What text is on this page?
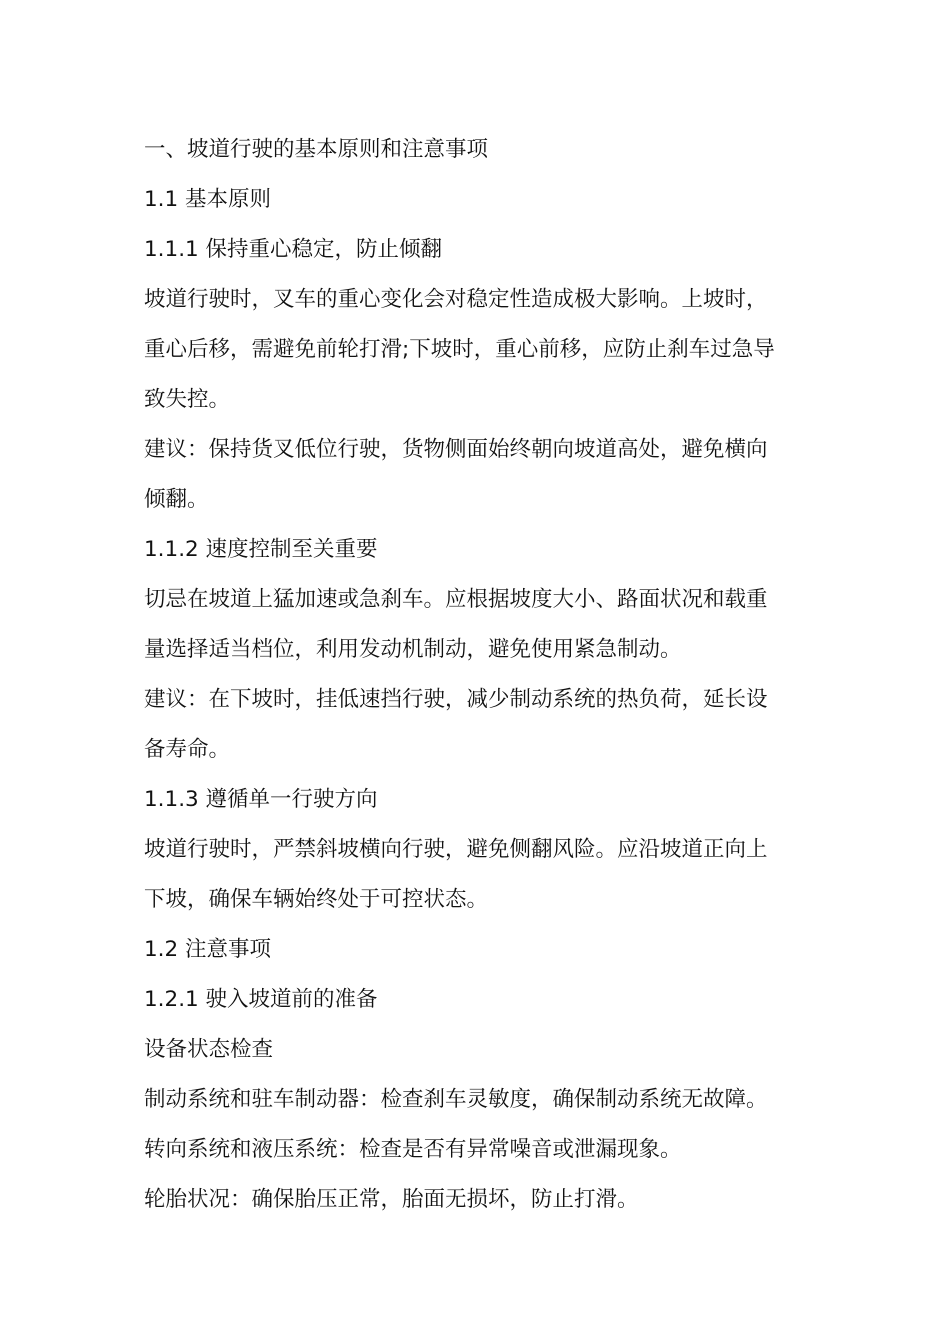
一、坡道行驶的基本原则和注意事项
1.1 基本原则
1.1.1 保持重心稳定，防止倾翻
坡道行驶时，叉车的重心变化会对稳定性造成极大影响。上坡时，
重心后移，需避免前轮打滑;下坡时，重心前移，应防止刹车过急导
致失控。
建议：保持货叉低位行驶，货物侧面始终朝向坡道高处，避免横向
倾翻。
1.1.2 速度控制至关重要
切忌在坡道上猛加速或急刹车。应根据坡度大小、路面状况和载重
量选择适当档位，利用发动机制动，避免使用紧急制动。
建议：在下坡时，挂低速挡行驶，减少制动系统的热负荷，延长设
备寿命。
1.1.3 遵循单一行驶方向
坡道行驶时，严禁斜坡横向行驶，避免侧翻风险。应沿坡道正向上
下坡，确保车辆始终处于可控状态。
1.2 注意事项
1.2.1 驶入坡道前的准备
设备状态检查
制动系统和驻车制动器：检查刹车灵敏度，确保制动系统无故障。
转向系统和液压系统：检查是否有异常噪音或泄漏现象。
轮胎状况：确保胎压正常，胎面无损坏，防止打滑。
